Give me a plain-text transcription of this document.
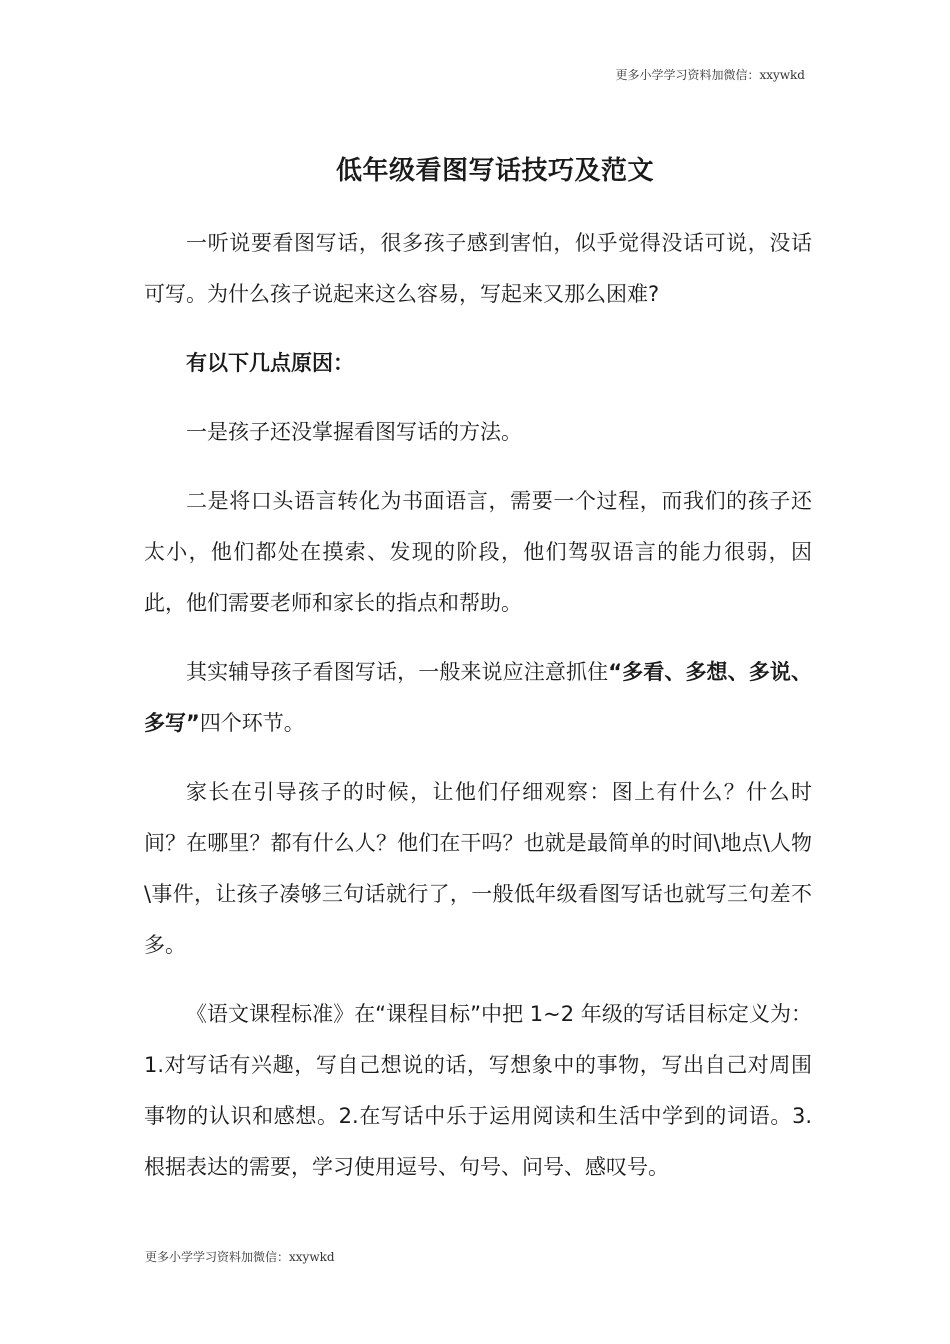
更多小学学习资料加微信：xxywkd
低年级看图写话技巧及范文

一听说要看图写话，很多孩子感到害怕，似乎觉得没话可说，没话可写。为什么孩子说起来这么容易，写起来又那么困难?

有以下几点原因：

一是孩子还没掌握看图写话的方法。

二是将口头语言转化为书面语言，需要一个过程，而我们的孩子还太小，他们都处在摸索、发现的阶段，他们驾驭语言的能力很弱，因此，他们需要老师和家长的指点和帮助。

其实辅导孩子看图写话，一般来说应注意抓住“多看、多想、多说、多写”四个环节。

家长在引导孩子的时候，让他们仔细观察：图上有什么？什么时间？在哪里？都有什么人？他们在干吗？也就是最简单的时间\地点\人物\事件，让孩子凑够三句话就行了，一般低年级看图写话也就写三句差不多。

《语文课程标准》在“课程目标”中把 1~2 年级的写话目标定义为：1.对写话有兴趣，写自己想说的话，写想象中的事物，写出自己对周围事物的认识和感想。2.在写话中乐于运用阅读和生活中学到的词语。3.根据表达的需要，学习使用逗号、句号、问号、感叹号。

更多小学学习资料加微信：xxywkd
